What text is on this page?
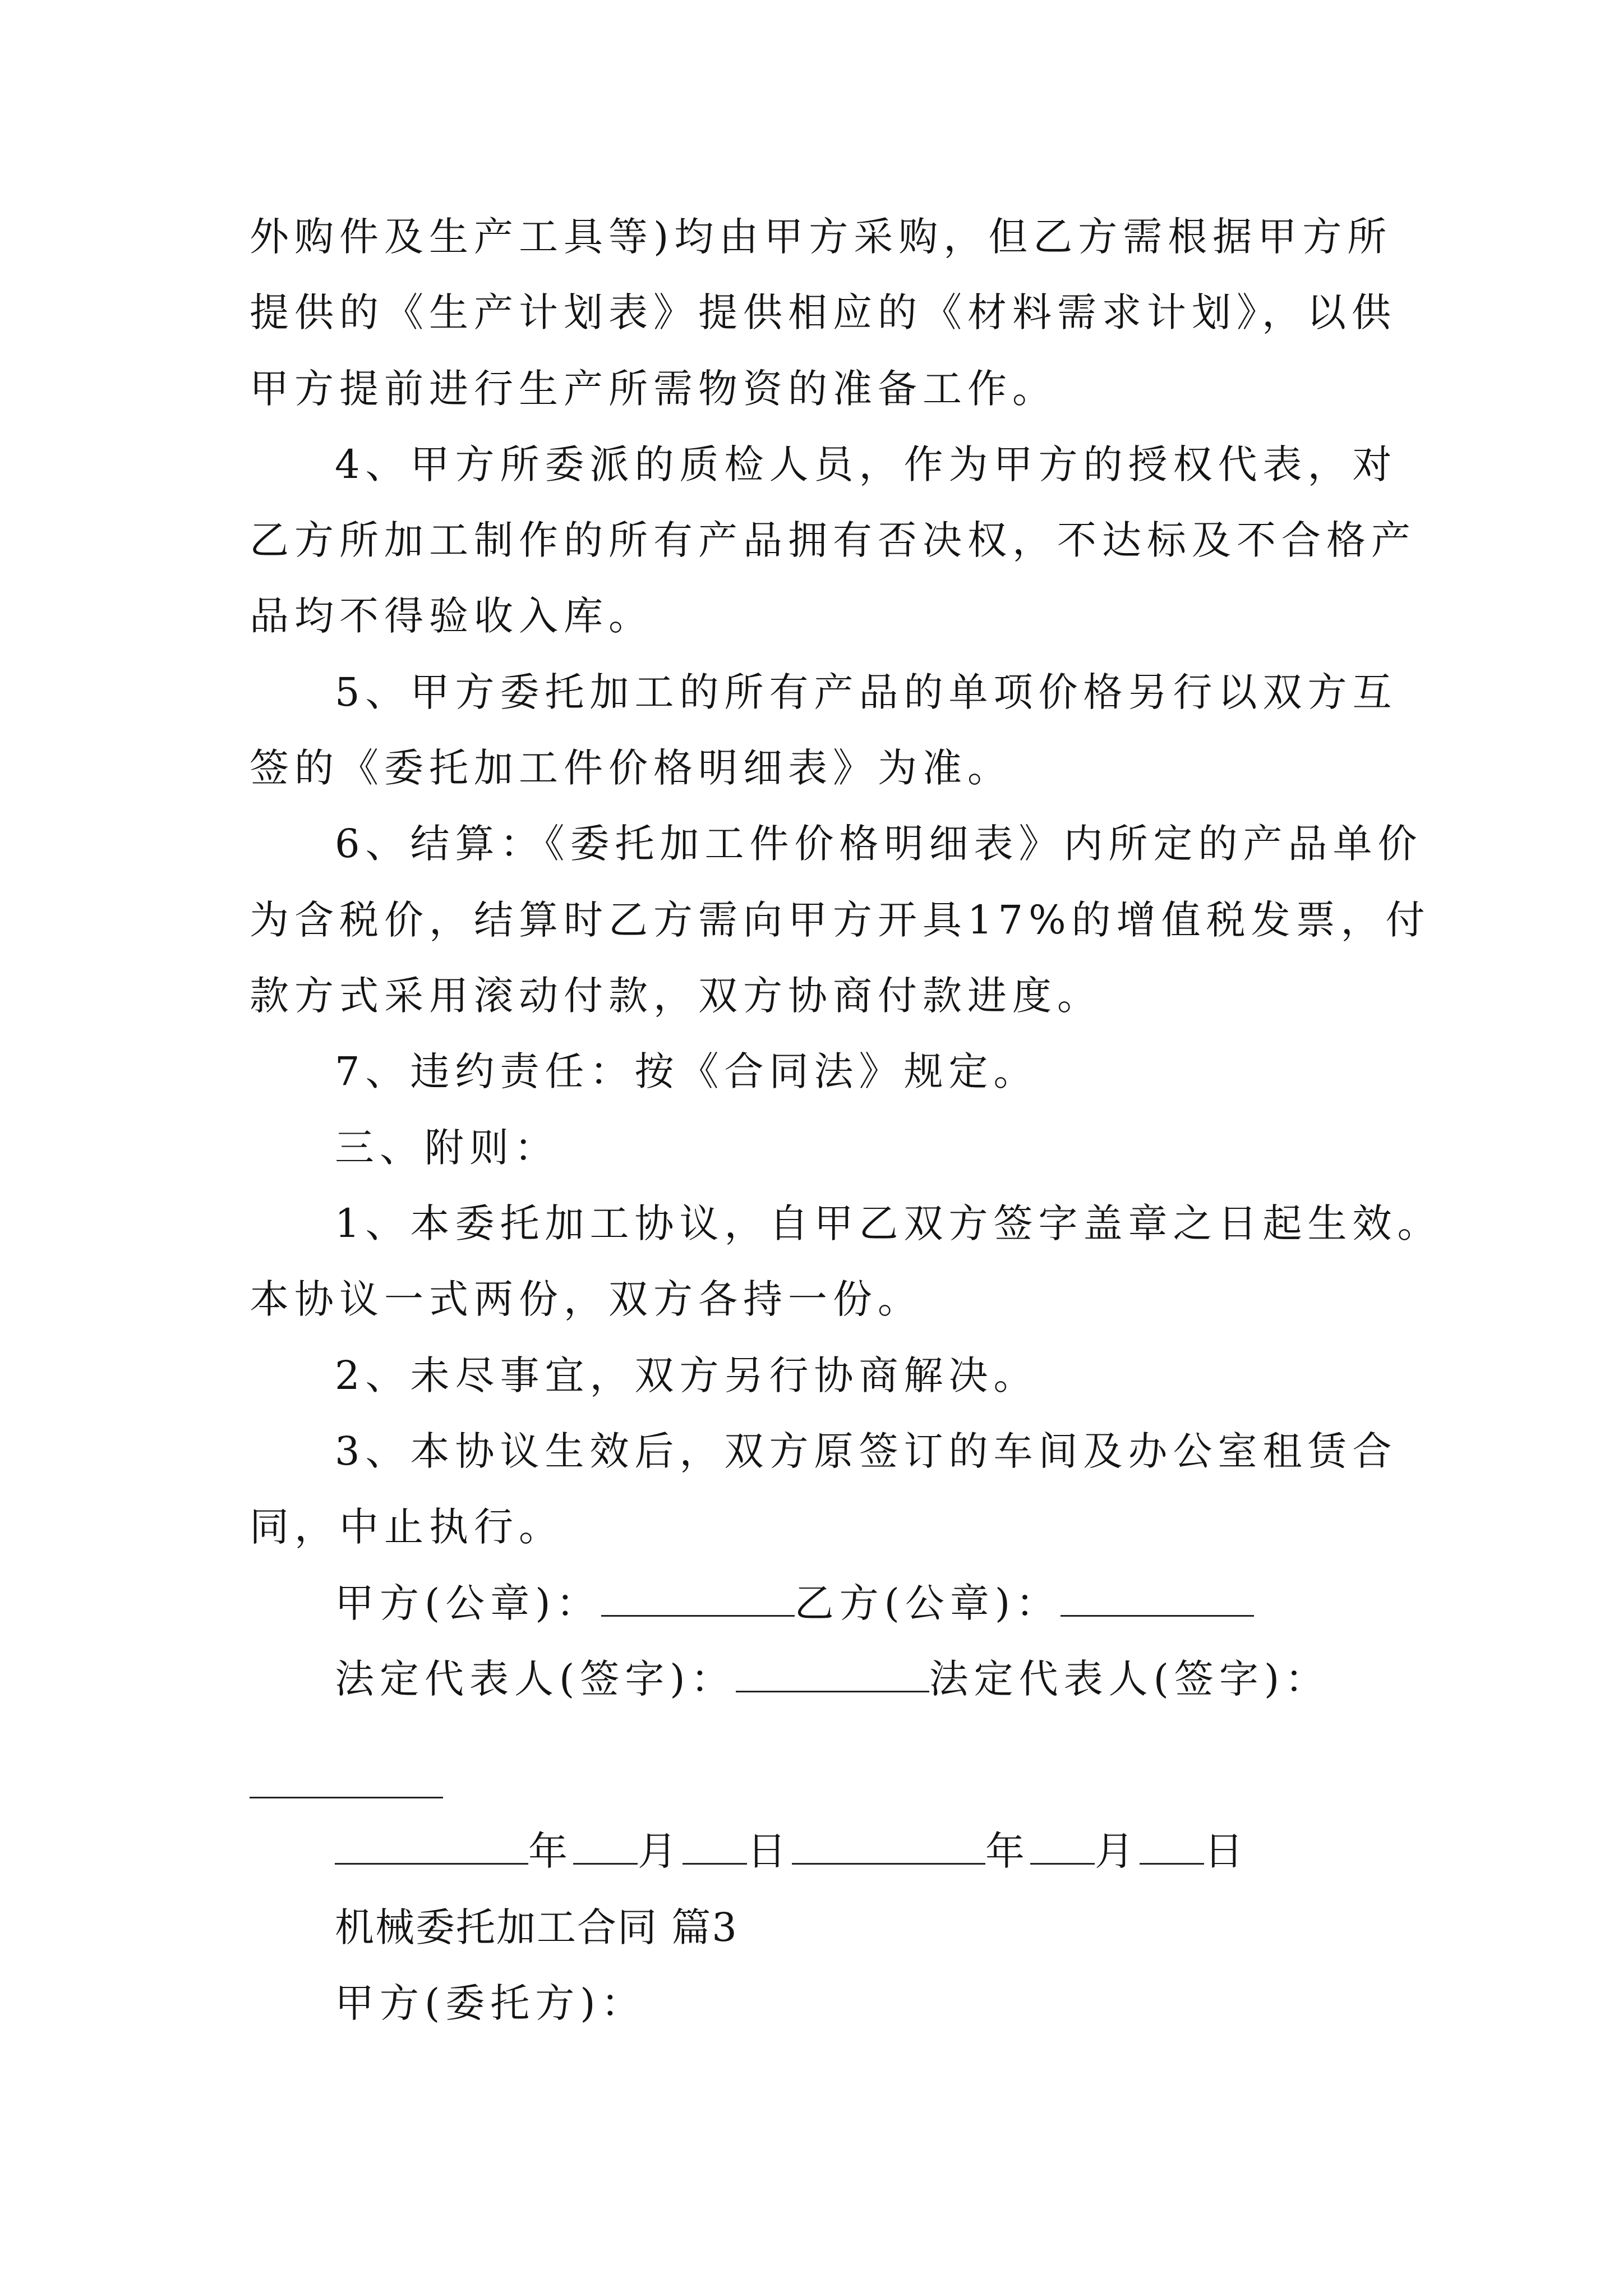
外购件及生产工具等)均由甲方采购，但乙方需根据甲方所
提供的《生产计划表》提供相应的《材料需求计划》，以供
甲方提前进行生产所需物资的准备工作。
4、甲方所委派的质检人员，作为甲方的授权代表，对
乙方所加工制作的所有产品拥有否决权，不达标及不合格产
品均不得验收入库。
5、甲方委托加工的所有产品的单项价格另行以双方互
签的《委托加工件价格明细表》为准。
6、结算：《委托加工件价格明细表》内所定的产品单价
为含税价，结算时乙方需向甲方开具17%的增值税发票，付
款方式采用滚动付款，双方协商付款进度。
7、违约责任：按《合同法》规定。
三、附则：
1、本委托加工协议，自甲乙双方签字盖章之日起生效。
本协议一式两份，双方各持一份。
2、未尽事宜，双方另行协商解决。
3、本协议生效后，双方原签订的车间及办公室租赁合
同，中止执行。
甲方(公章)：	乙方(公章)：
法定代表人(签字)：	法定代表人(签字)：
年 月 日	年 月 日
机械委托加工合同 篇3
甲方(委托方)：
